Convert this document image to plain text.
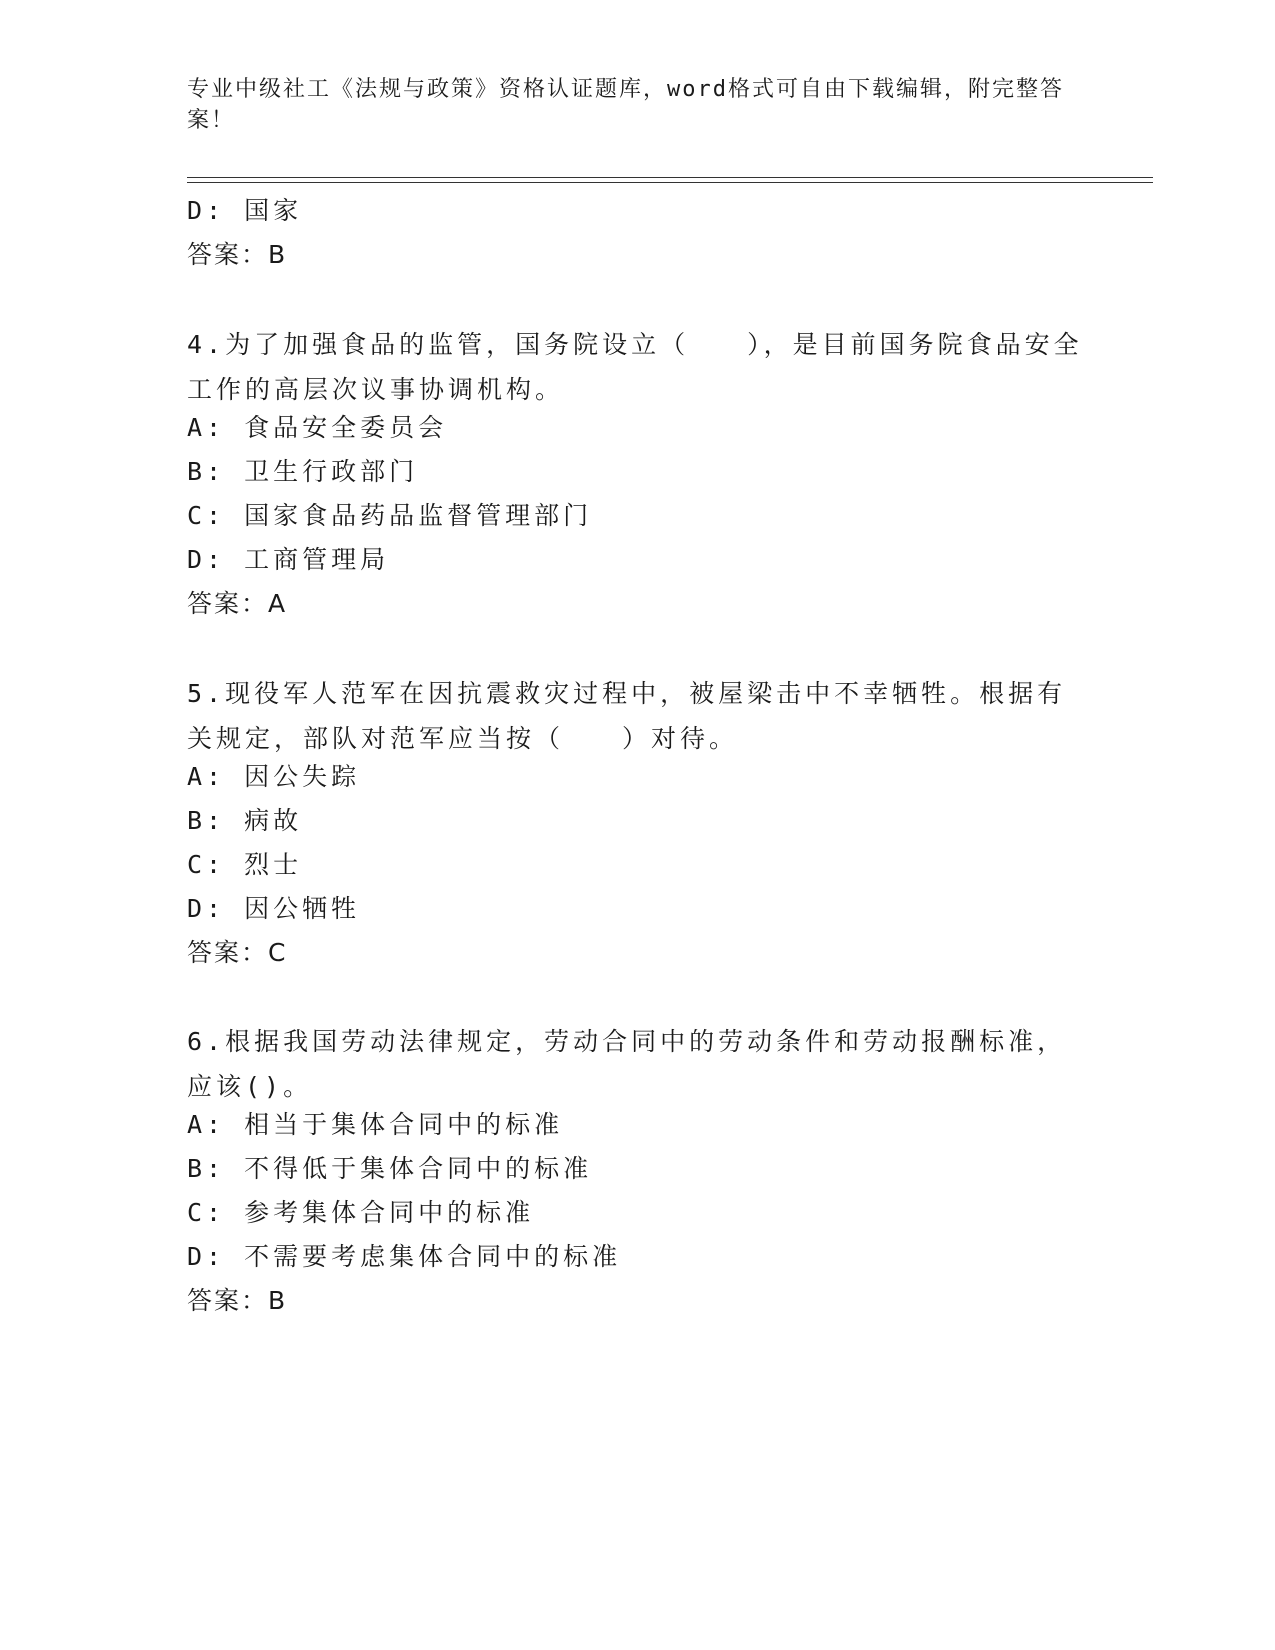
专业中级社工《法规与政策》资格认证题库，word格式可自由下载编辑，附完整答案！
D: 国家
答案：B
4.为了加强食品的监管，国务院设立（　　），是目前国务院食品安全工作的高层次议事协调机构。
A: 食品安全委员会
B: 卫生行政部门
C: 国家食品药品监督管理部门
D: 工商管理局
答案：A
5.现役军人范军在因抗震救灾过程中，被屋梁击中不幸牺牲。根据有关规定，部队对范军应当按（　　）对待。
A: 因公失踪
B: 病故
C: 烈士
D: 因公牺牲
答案：C
6.根据我国劳动法律规定，劳动合同中的劳动条件和劳动报酬标准，应该()。
A: 相当于集体合同中的标准
B: 不得低于集体合同中的标准
C: 参考集体合同中的标准
D: 不需要考虑集体合同中的标准
答案：B
